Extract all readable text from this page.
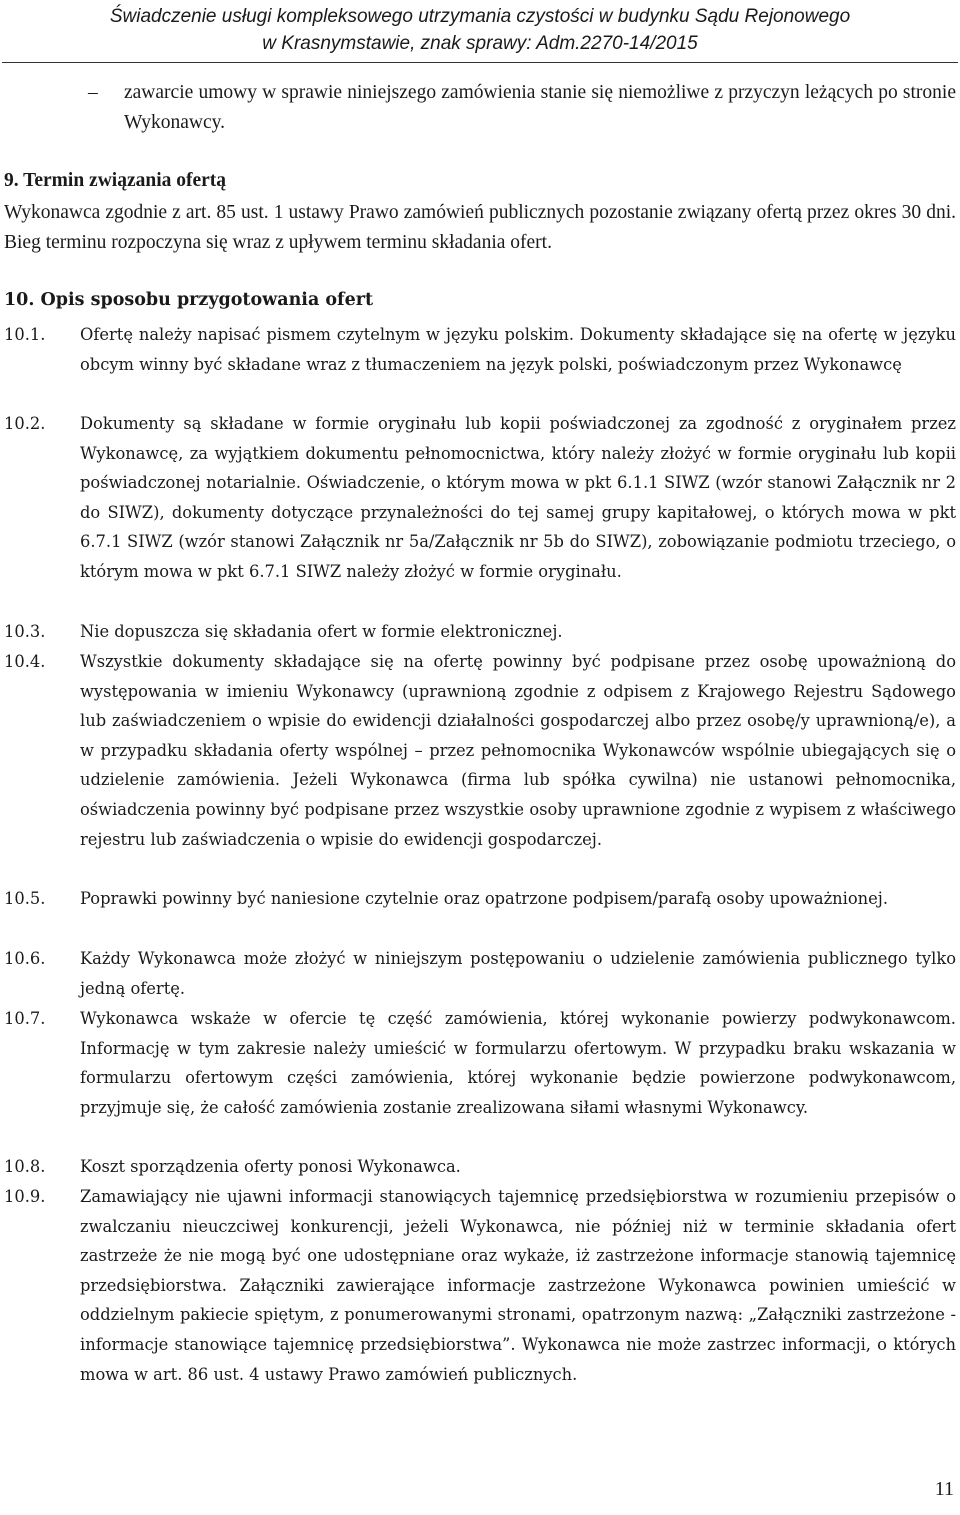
Świadczenie usługi kompleksowego utrzymania czystości w budynku Sądu Rejonowego
w Krasnymstawie, znak sprawy: Adm.2270-14/2015
– zawarcie umowy w sprawie niniejszego zamówienia stanie się niemożliwe z przyczyn leżących po stronie Wykonawcy.
9. Termin związania ofertą
Wykonawca zgodnie z art. 85 ust. 1 ustawy Prawo zamówień publicznych pozostanie związany ofertą przez okres 30 dni. Bieg terminu rozpoczyna się wraz z upływem terminu składania ofert.
10. Opis sposobu przygotowania ofert
10.1.	Ofertę należy napisać pismem czytelnym w języku polskim. Dokumenty składające się na ofertę w języku obcym winny być składane wraz z tłumaczeniem na język polski, poświadczonym przez Wykonawcę
10.2.	Dokumenty są składane w formie oryginału lub kopii poświadczonej za zgodność z oryginałem przez Wykonawcę, za wyjątkiem dokumentu pełnomocnictwa, który należy złożyć w formie oryginału lub kopii poświadczonej notarialnie. Oświadczenie, o którym mowa w pkt 6.1.1 SIWZ (wzór stanowi Załącznik nr 2 do SIWZ), dokumenty dotyczące przynależności do tej samej grupy kapitałowej, o których mowa w pkt 6.7.1 SIWZ (wzór stanowi Załącznik nr 5a/Załącznik nr 5b do SIWZ), zobowiązanie podmiotu trzeciego, o którym mowa w pkt 6.7.1 SIWZ należy złożyć w formie oryginału.
10.3.	Nie dopuszcza się składania ofert w formie elektronicznej.
10.4.	Wszystkie dokumenty składające się na ofertę powinny być podpisane przez osobę upoważnioną do występowania w imieniu Wykonawcy (uprawnioną zgodnie z odpisem z Krajowego Rejestru Sądowego lub zaświadczeniem o wpisie do ewidencji działalności gospodarczej albo przez osobę/y uprawnioną/e), a w przypadku składania oferty wspólnej – przez pełnomocnika Wykonawców wspólnie ubiegających się o udzielenie zamówienia. Jeżeli Wykonawca (firma lub spółka cywilna) nie ustanowi pełnomocnika, oświadczenia powinny być podpisane przez wszystkie osoby uprawnione zgodnie z wypisem z właściwego rejestru lub zaświadczenia o wpisie do ewidencji gospodarczej.
10.5.	Poprawki powinny być naniesione czytelnie oraz opatrzone podpisem/parafą osoby upoważnionej.
10.6.	Każdy Wykonawca może złożyć w niniejszym postępowaniu o udzielenie zamówienia publicznego tylko jedną ofertę.
10.7.	Wykonawca wskaże w ofercie tę część zamówienia, której wykonanie powierzy podwykonawcom. Informację w tym zakresie należy umieścić w formularzu ofertowym. W przypadku braku wskazania w formularzu ofertowym części zamówienia, której wykonanie będzie powierzone podwykonawcom, przyjmuje się, że całość zamówienia zostanie zrealizowana siłami własnymi Wykonawcy.
10.8.	Koszt sporządzenia oferty ponosi Wykonawca.
10.9.	Zamawiający nie ujawni informacji stanowiących tajemnicę przedsiębiorstwa w rozumieniu przepisów o zwalczaniu nieuczciwej konkurencji, jeżeli Wykonawca, nie później niż w terminie składania ofert zastrzeże że nie mogą być one udostępniane oraz wykaże, iż zastrzeżone informacje stanowią tajemnicę przedsiębiorstwa. Załączniki zawierające informacje zastrzeżone Wykonawca powinien umieścić w oddzielnym pakiecie spiętym, z ponumerowanymi stronami, opatrzonym nazwą: „Załączniki zastrzeżone - informacje stanowiące tajemnicę przedsiębiorstwa”. Wykonawca nie może zastrzec informacji, o których mowa w art. 86 ust. 4 ustawy Prawo zamówień publicznych.
11
